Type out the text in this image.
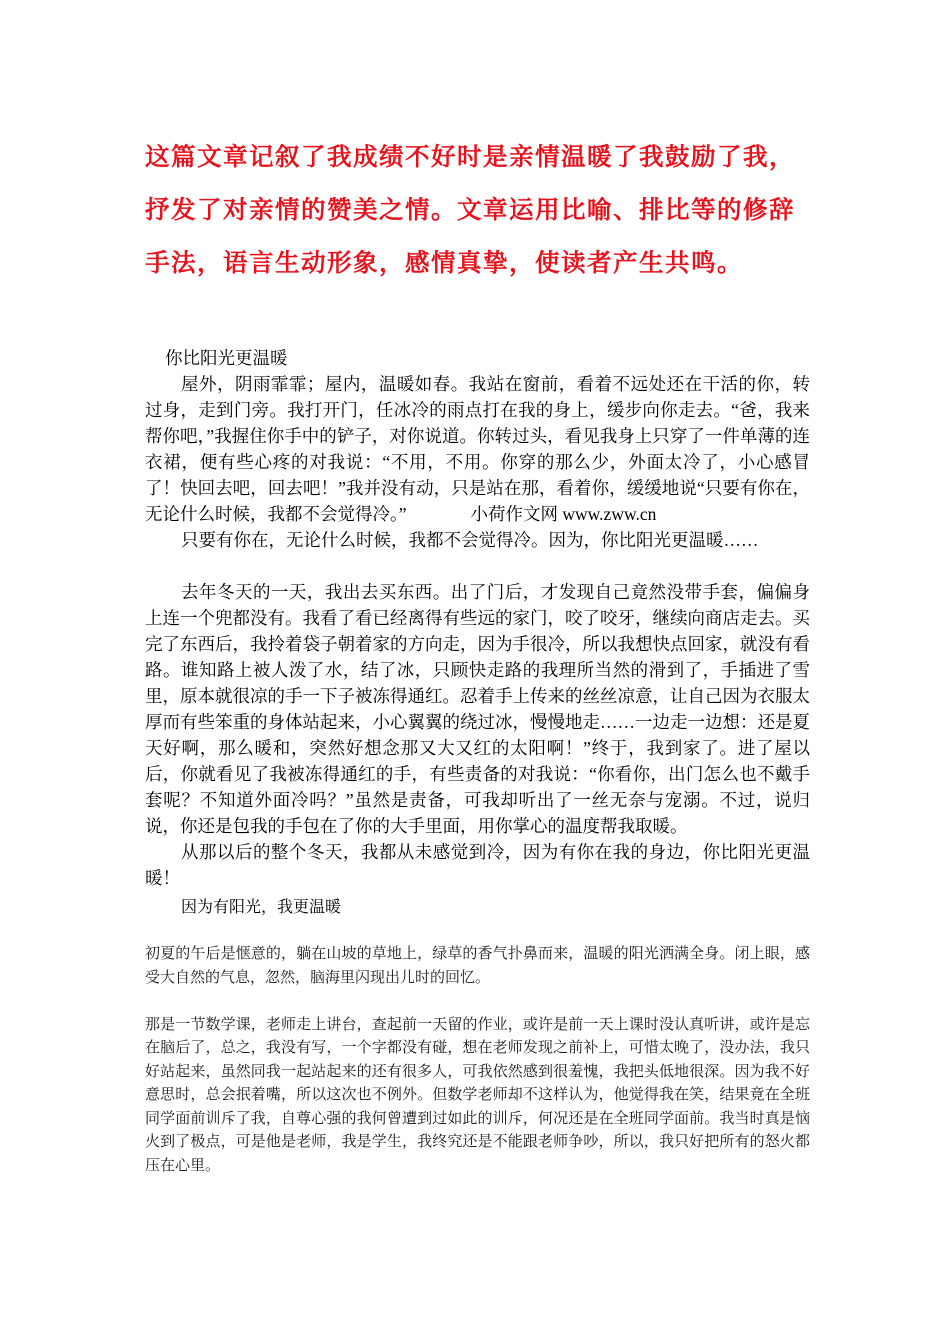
这篇文章记叙了我成绩不好时是亲情温暖了我鼓励了我，抒发了对亲情的赞美之情。文章运用比喻、排比等的修辞手法，语言生动形象，感情真挚，使读者产生共鸣。
你比阳光更温暖

屋外，阴雨霏霏；屋内，温暖如春。我站在窗前，看着不远处还在干活的你，转过身，走到门旁。我打开门，任冰冷的雨点打在我的身上，缓步向你走去。“爸，我来帮你吧，”我握住你手中的铲子，对你说道。你转过头，看见我身上只穿了一件单薄的连衣裙，便有些心疼的对我说：“不用，不用。你穿的那么少，外面太冷了，小心感冒了！快回去吧，回去吧！”我并没有动，只是站在那，看着你，缓缓地说“只要有你在，无论什么时候，我都不会觉得冷。”	小荷作文网 www.zww.cn

只要有你在，无论什么时候，我都不会觉得冷。因为，你比阳光更温暖……

去年冬天的一天，我出去买东西。出了门后，才发现自己竟然没带手套，偏偏身上连一个兜都没有。我看了看已经离得有些远的家门，咬了咬牙，继续向商店走去。买完了东西后，我拎着袋子朝着家的方向走，因为手很冷，所以我想快点回家，就没有看路。谁知路上被人泼了水，结了冰，只顾快走路的我理所当然的滑到了，手插进了雪里，原本就很凉的手一下子被冻得通红。忍着手上传来的丝丝凉意，让自己因为衣服太厚而有些笨重的身体站起来，小心翼翼的绕过冰，慢慢地走……一边走一边想：还是夏天好啊，那么暖和，突然好想念那又大又红的太阳啊！”终于，我到家了。进了屋以后，你就看见了我被冻得通红的手，有些责备的对我说：“你看你，出门怎么也不戴手套呢？不知道外面冷吗？”虽然是责备，可我却听出了一丝无奈与宠溺。不过，说归说，你还是包我的手包在了你的大手里面，用你掌心的温度帮我取暖。

从那以后的整个冬天，我都从未感觉到冷，因为有你在我的身边，你比阳光更温暖！

因为有阳光，我更温暖

初夏的午后是惬意的，躺在山坡的草地上，绿草的香气扑鼻而来，温暖的阳光洒满全身。闭上眼，感受大自然的气息，忽然，脑海里闪现出儿时的回忆。

那是一节数学课，老师走上讲台，查起前一天留的作业，或许是前一天上课时没认真听讲，或许是忘在脑后了，总之，我没有写，一个字都没有碰，想在老师发现之前补上，可惜太晚了，没办法，我只好站起来，虽然同我一起站起来的还有很多人，可我依然感到很羞愧，我把头低地很深。因为我不好意思时，总会抿着嘴，所以这次也不例外。但数学老师却不这样认为，他觉得我在笑，结果竟在全班同学面前训斥了我，自尊心强的我何曾遭到过如此的训斥，何况还是在全班同学面前。我当时真是恼火到了极点，可是他是老师，我是学生，我终究还是不能跟老师争吵，所以，我只好把所有的怒火都压在心里。
